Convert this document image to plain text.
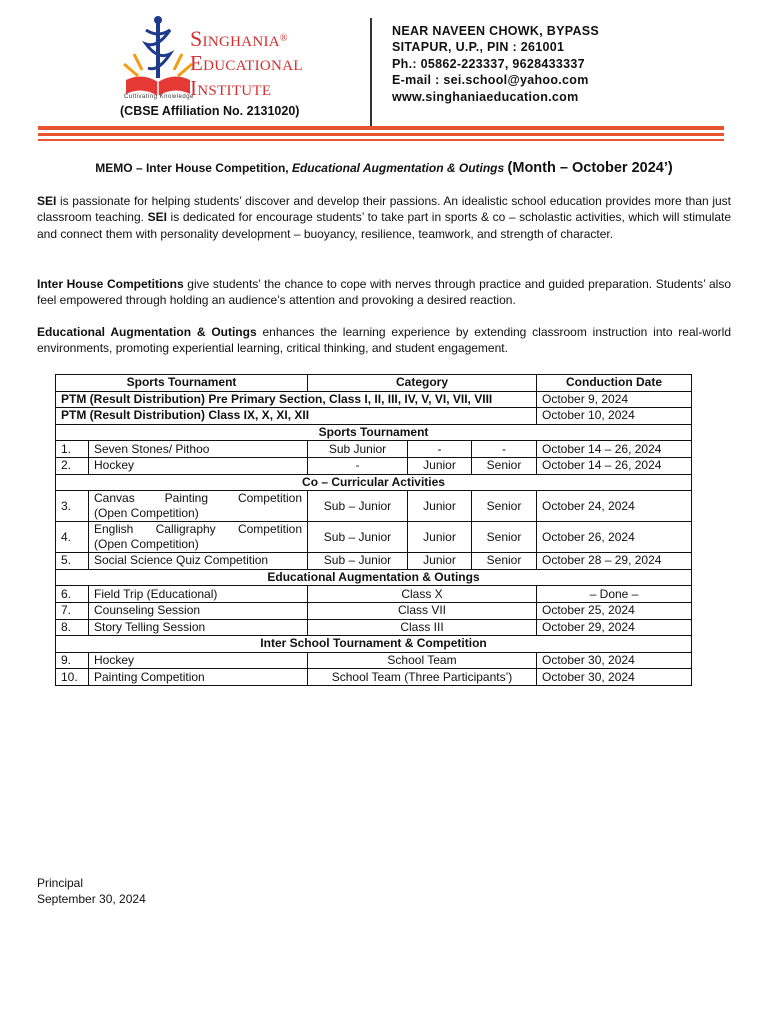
Singhania®
Educational
Institute
Cultivating Knowledge
(CBSE Affiliation No. 2131020)
NEAR NAVEEN CHOWK, BYPASS
SITAPUR, U.P., PIN : 261001
Ph.: 05862-223337, 9628433337
E-mail : sei.school@yahoo.com
www.singhaniaeducation.com
MEMO – Inter House Competition, Educational Augmentation & Outings (Month – October 2024’)
SEI is passionate for helping students’ discover and develop their passions. An idealistic school education provides more than just classroom teaching. SEI is dedicated for encourage students’ to take part in sports & co – scholastic activities, which will stimulate and connect them with personality development – buoyancy, resilience, teamwork, and strength of character.
Inter House Competitions give students’ the chance to cope with nerves through practice and guided preparation. Students’ also feel empowered through holding an audience’s attention and provoking a desired reaction.
Educational Augmentation & Outings enhances the learning experience by extending classroom instruction into real-world environments, promoting experiential learning, critical thinking, and student engagement.
Sports Tournament		Category			Conduction Date
PTM (Result Distribution) Pre Primary Section, Class I, II, III, IV, V, VI, VII, VIII					October 9, 2024
PTM (Result Distribution) Class IX, X, XI, XII					October 10, 2024
Sports Tournament					
1.	Seven Stones/ Pithoo	Sub Junior	-	-	October 14 – 26, 2024
2.	Hockey	-	Junior	Senior	October 14 – 26, 2024
Co – Curricular Activities					
3.	Canvas Painting Competition
(Open Competition)	Sub – Junior	Junior	Senior	October 24, 2024
4.	English Calligraphy Competition
(Open Competition)	Sub – Junior	Junior	Senior	October 26, 2024
5.	Social Science Quiz Competition	Sub – Junior	Junior	Senior	October 28 – 29, 2024
Educational Augmentation & Outings					
6.	Field Trip (Educational)	Class X			– Done –
7.	Counseling Session	Class VII			October 25, 2024
8.	Story Telling Session	Class III			October 29, 2024
Inter School Tournament & Competition					
9.	Hockey	School Team			October 30, 2024
10.	Painting Competition	School Team (Three Participants’)			October 30, 2024
Principal
September 30, 2024
